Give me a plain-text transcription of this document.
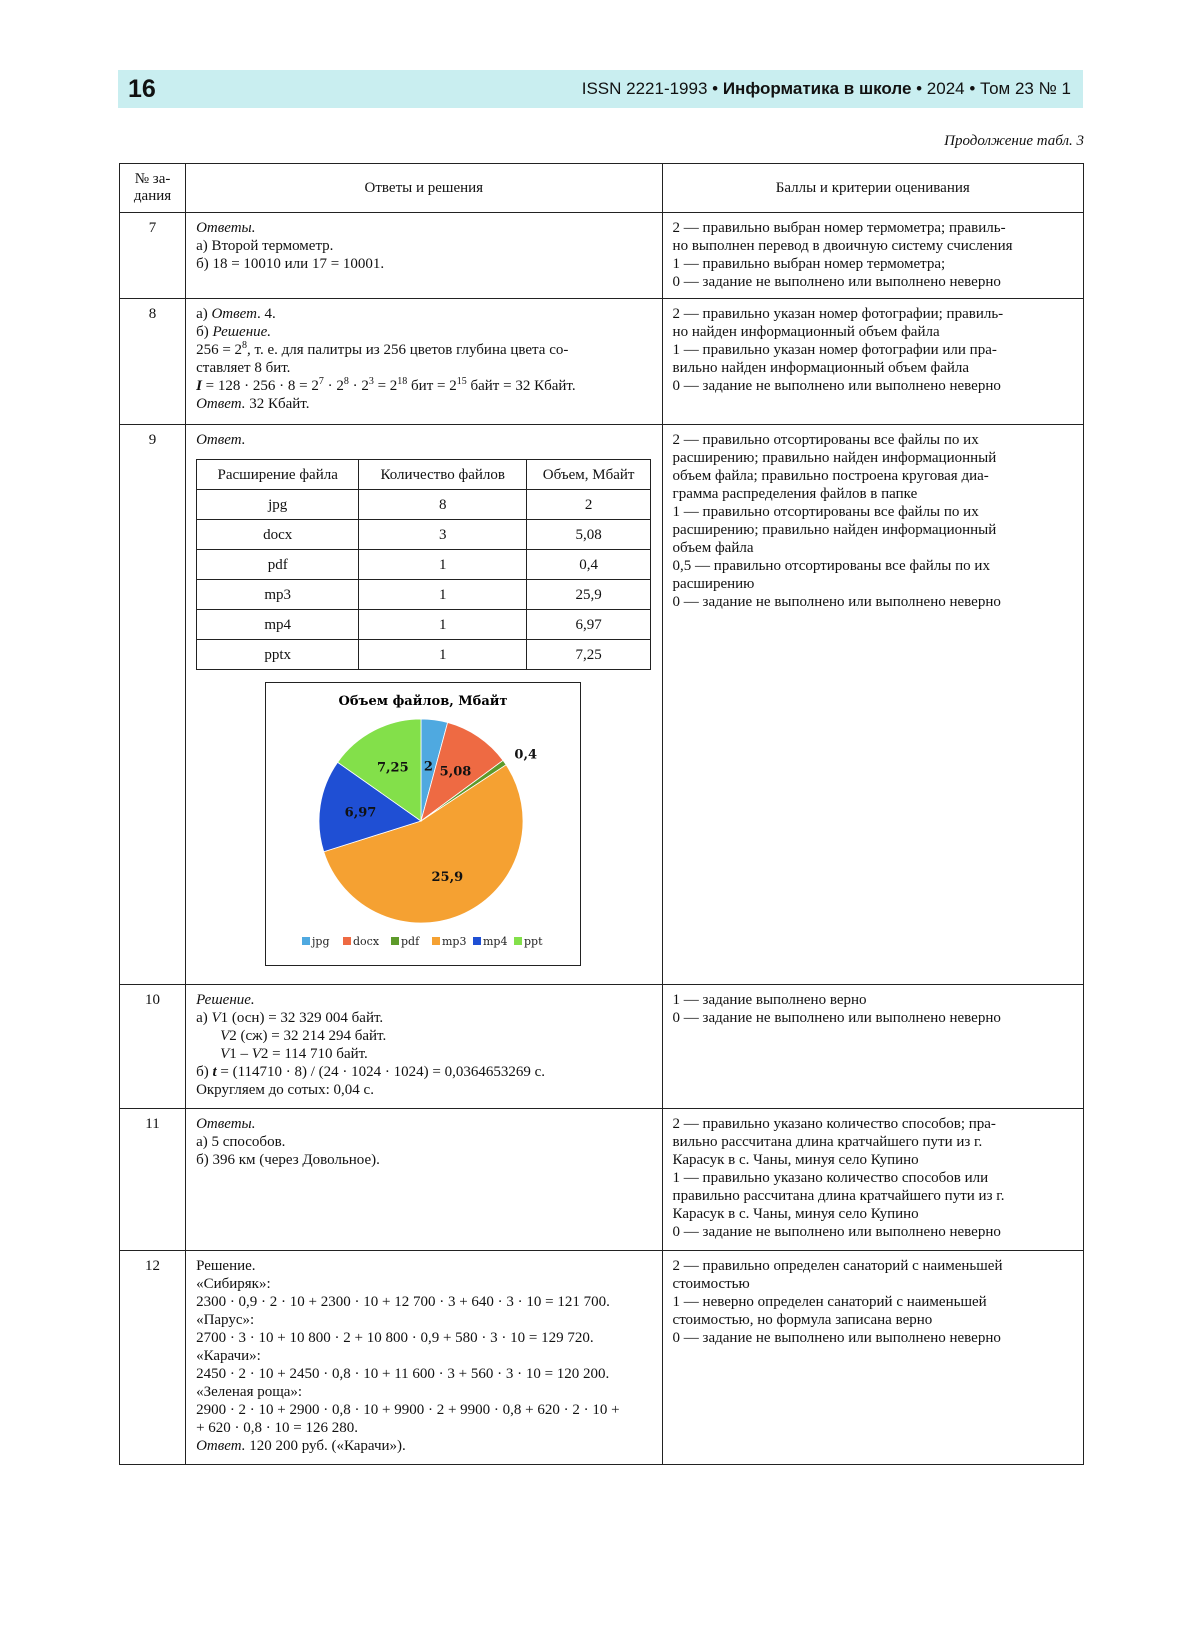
16	ISSN 2221-1993 • Информатика в школе • 2024 • Том 23 № 1
Продолжение табл. 3
№ за-
дания	Ответы и решения	Баллы и критерии оценивания
7	Ответы.
а) Второй термометр.
б) 18 = 10010 или 17 = 10001.

2 — правильно выбран номер термометра; правиль-
но выполнен перевод в двоичную систему счисления
1 — правильно выбран номер термометра;
0 — задание не выполнено или выполнено неверно

8	а) Ответ. 4.
б) Решение.
$256 = 2^8$, т. е. для палитры из 256 цветов глубина цвета со-
ставляет 8 бит.
$I = 128 \cdot 256 \cdot 8 = 2^7 \cdot 2^8 \cdot 2^3 = 2^{18}$ бит = $2^{15}$ байт = 32 Кбайт.
Ответ. 32 Кбайт.

2 — правильно указан номер фотографии; правиль-
но найден информационный объем файла
1 — правильно указан номер фотографии или пра-
вильно найден информационный объем файла
0 — задание не выполнено или выполнено неверно

9	Ответ.
Расширение файла	Количество файлов	Объем, Мбайт
jpg	8	2
docx	3	5,08
pdf	1	0,4
mp3	1	25,9
mp4	1	6,97
pptx	1	7,25
Объем файлов, Мбайт
2 5,08
0,4
25,9
6,97
7,25
jpg docx pdf mp3 mp4 ppt

2 — правильно отсортированы все файлы по их
расширению; правильно найден информационный
объем файла; правильно построена круговая диа-
грамма распределения файлов в папке
1 — правильно отсортированы все файлы по их
расширению; правильно найден информационный
объем файла
0,5 — правильно отсортированы все файлы по их
расширению
0 — задание не выполнено или выполнено неверно

10	Решение.
а) V1 (осн) = 32 329 004 байт.
V2 (сж) = 32 214 294 байт.
V1 – V2 = 114 710 байт.
б) t = (114710 · 8) / (24 · 1024 · 1024) = 0,0364653269 с.
Округляем до сотых: 0,04 с.

1 — задание выполнено верно
0 — задание не выполнено или выполнено неверно

11	Ответы.
а) 5 способов.
б) 396 км (через Довольное).

2 — правильно указано количество способов; пра-
вильно рассчитана длина кратчайшего пути из г.
Карасук в с. Чаны, минуя село Купино
1 — правильно указано количество способов или
правильно рассчитана длина кратчайшего пути из г.
Карасук в с. Чаны, минуя село Купино
0 — задание не выполнено или выполнено неверно

12	Решение.
«Сибиряк»:
2300 · 0,9 · 2 · 10 + 2300 · 10 + 12 700 · 3 + 640 · 3 · 10 = 121 700.
«Парус»:
2700 · 3 · 10 + 10 800 · 2 + 10 800 · 0,9 + 580 · 3 · 10 = 129 720.
«Карачи»:
2450 · 2 · 10 + 2450 · 0,8 · 10 + 11 600 · 3 + 560 · 3 · 10 = 120 200.
«Зеленая роща»:
2900 · 2 · 10 + 2900 · 0,8 · 10 + 9900 · 2 + 9900 · 0,8 + 620 · 2 · 10 +
+ 620 · 0,8 · 10 = 126 280.
Ответ. 120 200 руб. («Карачи»).

2 — правильно определен санаторий с наименьшей
стоимостью
1 — неверно определен санаторий с наименьшей
стоимостью, но формула записана верно
0 — задание не выполнено или выполнено неверно
